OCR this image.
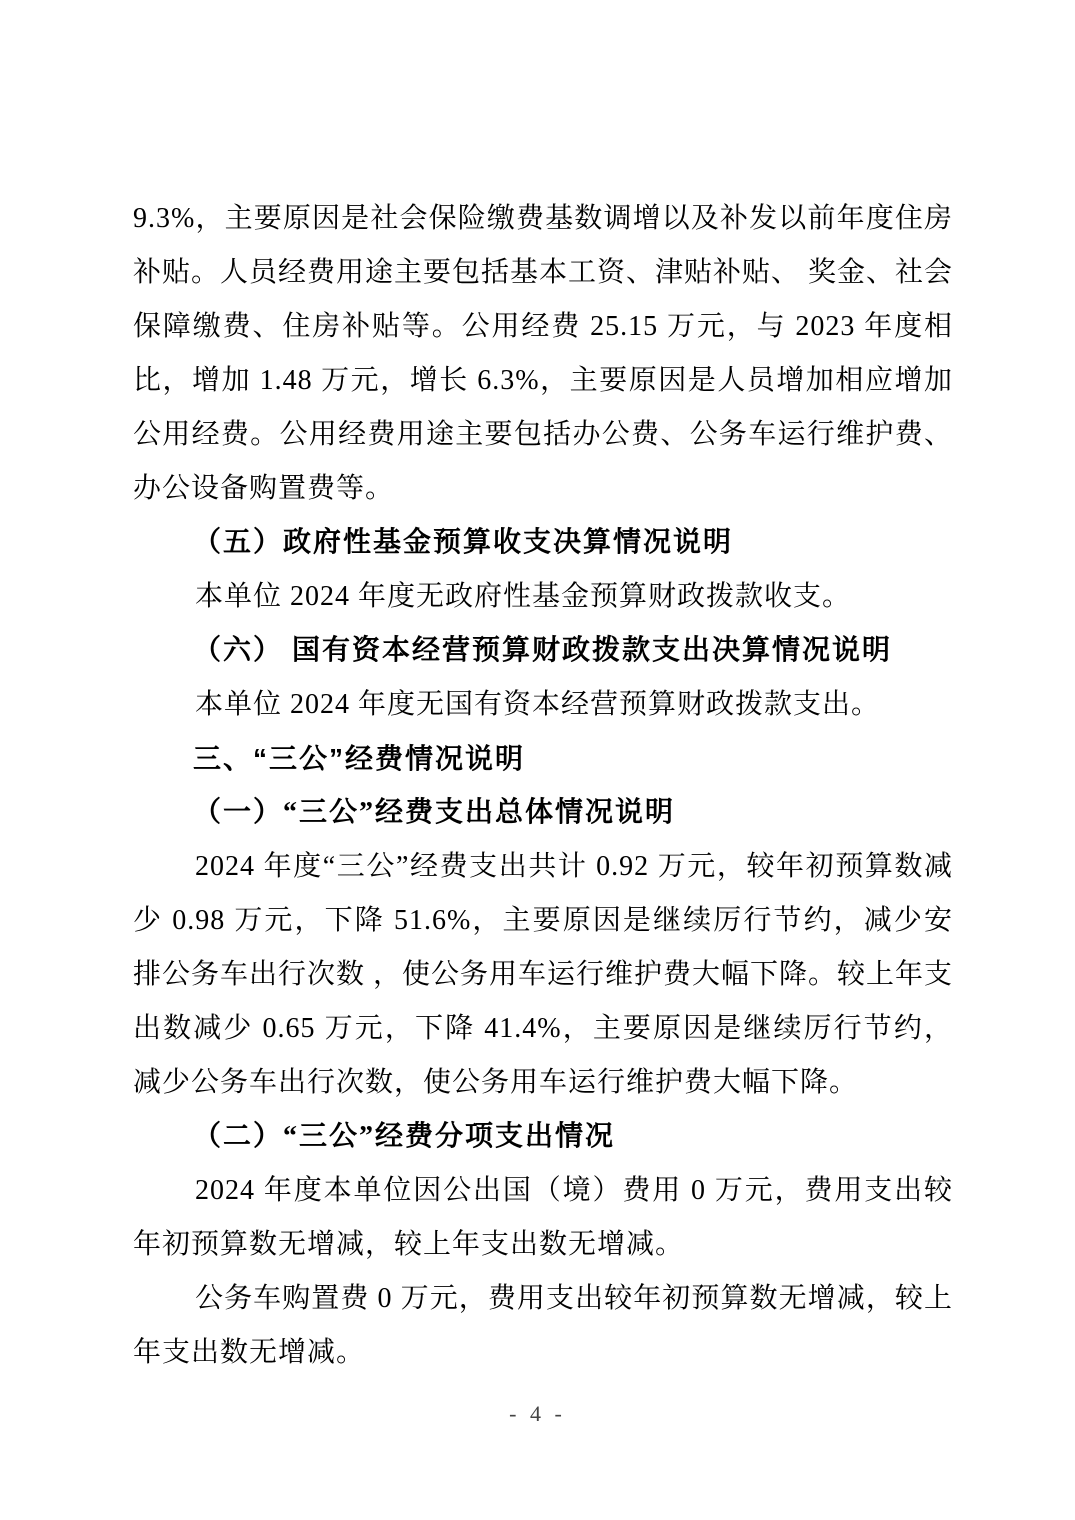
9.3%，主要原因是社会保险缴费基数调增以及补发以前年度住房补贴。人员经费用途主要包括基本工资、津贴补贴、 奖金、社会保障缴费、住房补贴等。公用经费 25.15 万元，与 2023 年度相比，增加 1.48 万元，增长 6.3%，主要原因是人员增加相应增加公用经费。公用经费用途主要包括办公费、公务车运行维护费、 办公设备购置费等。

（五）政府性基金预算收支决算情况说明

本单位 2024 年度无政府性基金预算财政拨款收支。

（六） 国有资本经营预算财政拨款支出决算情况说明

本单位 2024 年度无国有资本经营预算财政拨款支出。

三、“三公”经费情况说明

（一）“三公”经费支出总体情况说明

2024 年度“三公”经费支出共计 0.92 万元，较年初预算数减少 0.98 万元，下降 51.6%，主要原因是继续厉行节约，减少安排公务车出行次数 ，使公务用车运行维护费大幅下降。较上年支出数减少 0.65 万元，下降 41.4%，主要原因是继续厉行节约，减少公务车出行次数，使公务用车运行维护费大幅下降。

（二）“三公”经费分项支出情况

2024 年度本单位因公出国（境）费用 0 万元，费用支出较年初预算数无增减，较上年支出数无增减。

公务车购置费 0 万元，费用支出较年初预算数无增减，较上年支出数无增减。

- 4 -
